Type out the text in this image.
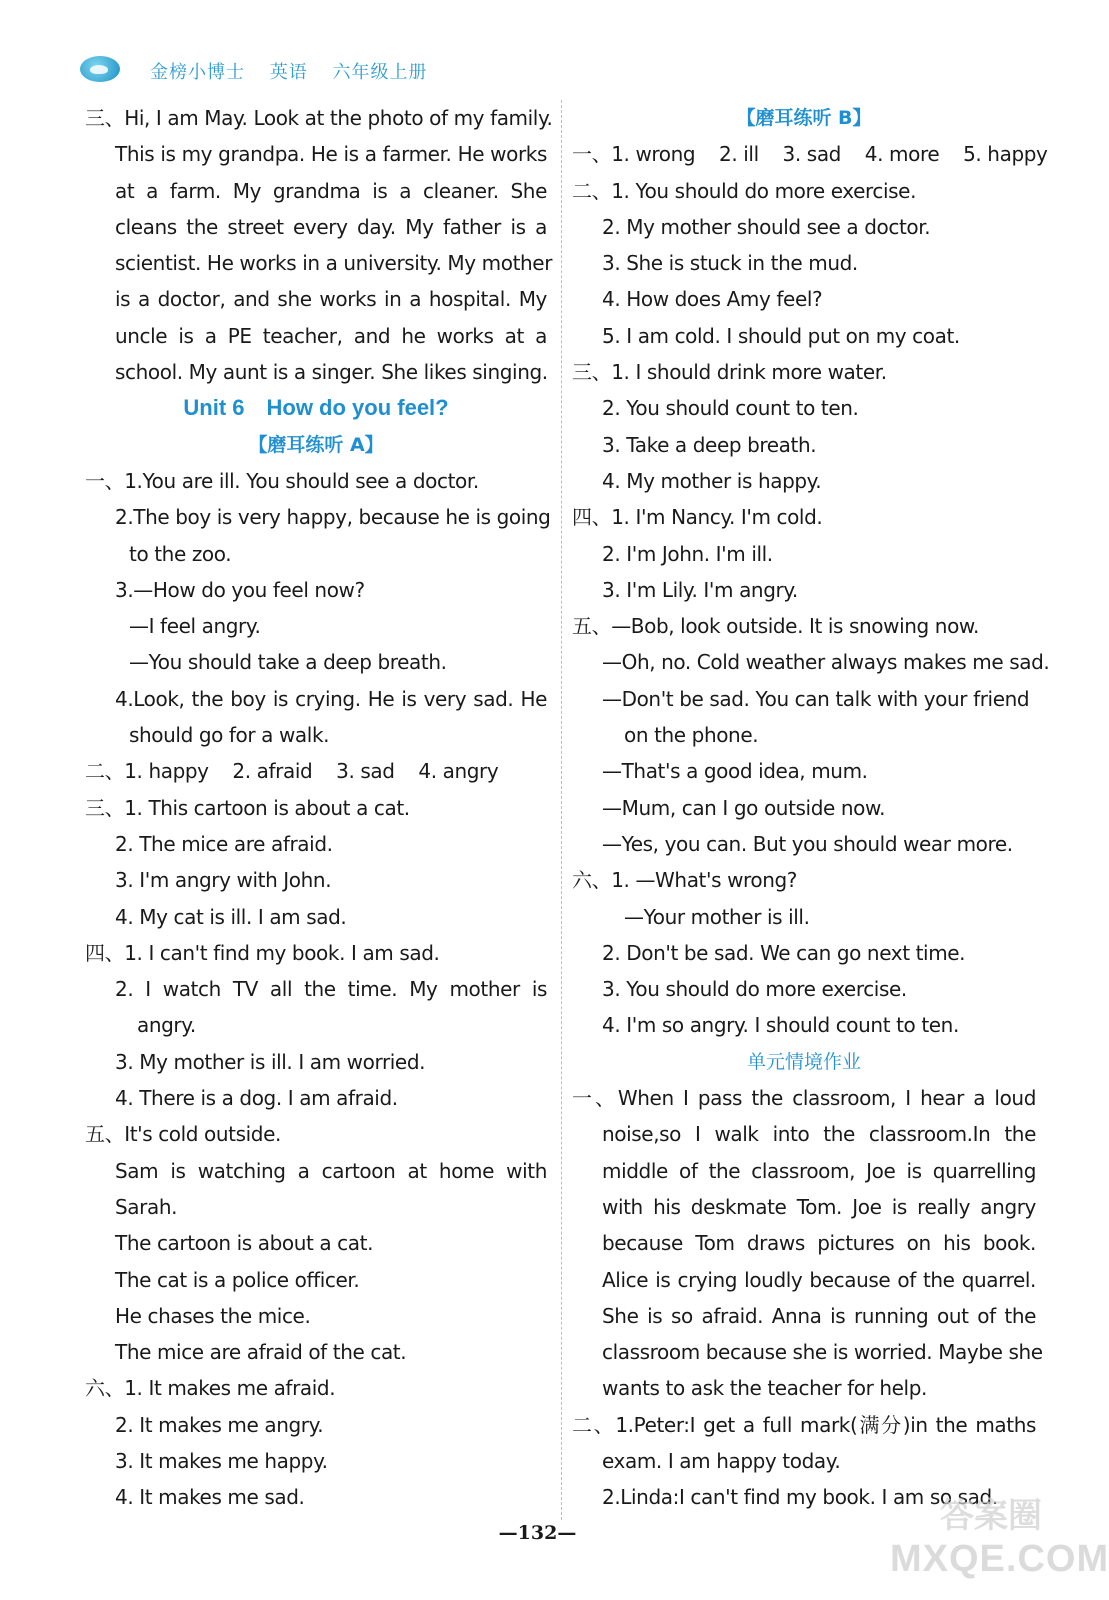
金榜小博士 英语 六年级上册
三、Hi, I am May. Look at the photo of my family.
This is my grandpa. He is a farmer. He works
at a farm. My grandma is a cleaner. She
cleans the street every day. My father is a
scientist. He works in a university. My mother
is a doctor, and she works in a hospital. My
uncle is a PE teacher, and he works at a
school. My aunt is a singer. She likes singing.
Unit 6 How do you feel?
【磨耳练听 A】
一、1.You are ill. You should see a doctor.
2.The boy is very happy, because he is going
to the zoo.
3.—How do you feel now?
—I feel angry.
—You should take a deep breath.
4.Look, the boy is crying. He is very sad. He
should go for a walk.
二、1. happy    2. afraid    3. sad    4. angry
三、1. This cartoon is about a cat.
2. The mice are afraid.
3. I'm angry with John.
4. My cat is ill. I am sad.
四、1. I can't find my book. I am sad.
2. I watch TV all the time. My mother is
angry.
3. My mother is ill. I am worried.
4. There is a dog. I am afraid.
五、It's cold outside.
Sam is watching a cartoon at home with
Sarah.
The cartoon is about a cat.
The cat is a police officer.
He chases the mice.
The mice are afraid of the cat.
六、1. It makes me afraid.
2. It makes me angry.
3. It makes me happy.
4. It makes me sad.
【磨耳练听 B】
一、1. wrong    2. ill    3. sad    4. more    5. happy
二、1. You should do more exercise.
2. My mother should see a doctor.
3. She is stuck in the mud.
4. How does Amy feel?
5. I am cold. I should put on my coat.
三、1. I should drink more water.
2. You should count to ten.
3. Take a deep breath.
4. My mother is happy.
四、1. I'm Nancy. I'm cold.
2. I'm John. I'm ill.
3. I'm Lily. I'm angry.
五、—Bob, look outside. It is snowing now.
—Oh, no. Cold weather always makes me sad.
—Don't be sad. You can talk with your friend
on the phone.
—That's a good idea, mum.
—Mum, can I go outside now.
—Yes, you can. But you should wear more.
六、1. —What's wrong?
—Your mother is ill.
2. Don't be sad. We can go next time.
3. You should do more exercise.
4. I'm so angry. I should count to ten.
单元情境作业
一、When I pass the classroom, I hear a loud
noise,so I walk into the classroom.In the
middle of the classroom, Joe is quarrelling
with his deskmate Tom. Joe is really angry
because Tom draws pictures on his book.
Alice is crying loudly because of the quarrel.
She is so afraid. Anna is running out of the
classroom because she is worried. Maybe she
wants to ask the teacher for help.
二、1.Peter:I get a full mark(满分)in the maths
exam. I am happy today.
2.Linda:I can't find my book. I am so sad.
—132—	答案圈
MXQE.COM
